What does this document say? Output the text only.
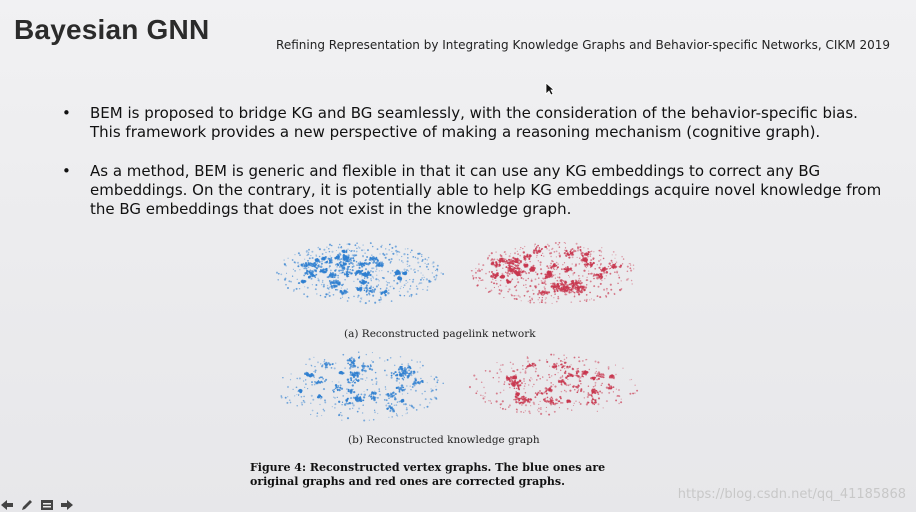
Bayesian GNN	Refining Representation by Integrating Knowledge Graphs and Behavior-specific Networks, CIKM 2019
• BEM is proposed to bridge KG and BG seamlessly, with the consideration of the behavior-specific bias. This framework provides a new perspective of making a reasoning mechanism (cognitive graph).
• As a method, BEM is generic and flexible in that it can use any KG embeddings to correct any BG embeddings. On the contrary, it is potentially able to help KG embeddings acquire novel knowledge from the BG embeddings that does not exist in the knowledge graph.
(a) Reconstructed pagelink network
(b) Reconstructed knowledge graph
Figure 4: Reconstructed vertex graphs. The blue ones are
original graphs and red ones are corrected graphs.
https://blog.csdn.net/qq_41185868
